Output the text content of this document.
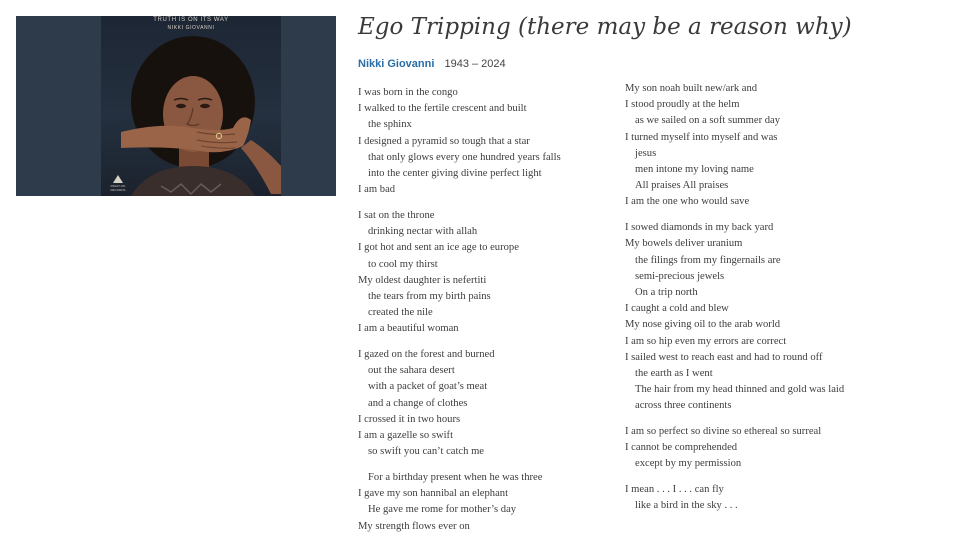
TRUTH IS ON ITS WAY
NIKKI GIOVANNI
RIGHT-ON
RECORDS
Ego Tripping (there may be a reason why)
Nikki Giovanni 1943 – 2024
I was born in the congo
I walked to the fertile crescent and built
the sphinx
I designed a pyramid so tough that a star
that only glows every one hundred years falls
into the center giving divine perfect light
I am bad
I sat on the throne
drinking nectar with allah
I got hot and sent an ice age to europe
to cool my thirst
My oldest daughter is nefertiti
the tears from my birth pains
created the nile
I am a beautiful woman
I gazed on the forest and burned
out the sahara desert
with a packet of goat’s meat
and a change of clothes
I crossed it in two hours
I am a gazelle so swift
so swift you can’t catch me
For a birthday present when he was three
I gave my son hannibal an elephant
He gave me rome for mother’s day
My strength flows ever on
My son noah built new/ark and
I stood proudly at the helm
as we sailed on a soft summer day
I turned myself into myself and was
jesus
men intone my loving name
All praises All praises
I am the one who would save
I sowed diamonds in my back yard
My bowels deliver uranium
the filings from my fingernails are
semi-precious jewels
On a trip north
I caught a cold and blew
My nose giving oil to the arab world
I am so hip even my errors are correct
I sailed west to reach east and had to round off
the earth as I went
The hair from my head thinned and gold was laid
across three continents
I am so perfect so divine so ethereal so surreal
I cannot be comprehended
except by my permission
I mean . . . I . . . can fly
like a bird in the sky . . .
